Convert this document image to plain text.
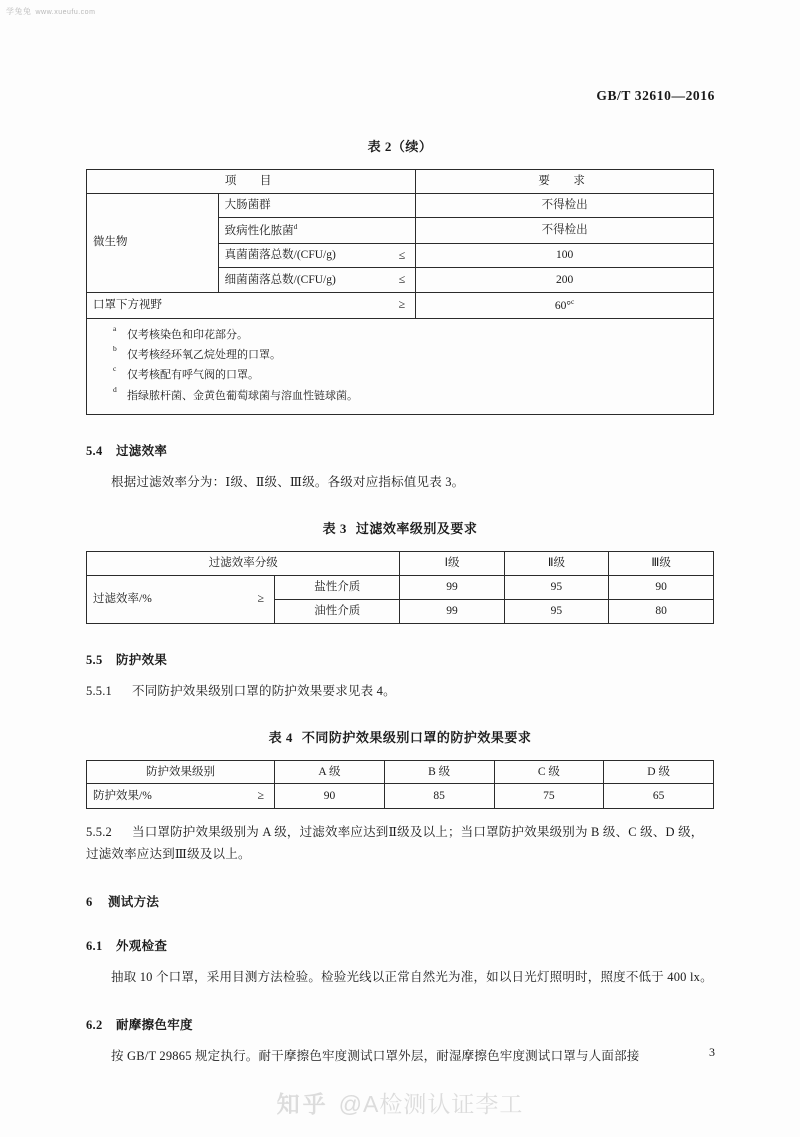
学兔兔 www.xueufu.com
GB/T 32610—2016
表 2（续）
项　目		要　求
微生物	大肠菌群	不得检出

	致病性化脓菌$^d$	不得检出

	真菌菌落总数/(CFU/g) ≤	100

	细菌菌落总数/(CFU/g) ≤	200

口罩下方视野 ≥		60°$^c$

a
仅考核染色和印花部分。
b
仅考核经环氧乙烷处理的口罩。
c
仅考核配有呼气阀的口罩。
d
指绿脓杆菌、金黄色葡萄球菌与溶血性链球菌。
5.4 过滤效率

根据过滤效率分为：Ⅰ级、Ⅱ级、Ⅲ级。各级对应指标值见表 3。

表 3 过滤效率级别及要求
过滤效率分级		Ⅰ级	Ⅱ级	Ⅲ级

过滤效率/% ≥	盐性介质	99	95	90
	油性介质	99	95	80
5.5 防护效果

5.5.1 不同防护效果级别口罩的防护效果要求见表 4。

表 4 不同防护效果级别口罩的防护效果要求
防护效果级别	A 级	B 级	C 级	D 级

防护效果/% ≥	90	85	75	65

5.5.2 当口罩防护效果级别为 A 级，过滤效率应达到Ⅱ级及以上；当口罩防护效果级别为 B 级、C 级、D 级，过滤效率应达到Ⅲ级及以上。

6 测试方法
6.1 外观检查

抽取 10 个口罩，采用目测方法检验。检验光线以正常自然光为准，如以日光灯照明时，照度不低于 400 lx。

6.2 耐摩擦色牢度

按 GB/T 29865 规定执行。耐干摩擦色牢度测试口罩外层，耐湿摩擦色牢度测试口罩与人面部接	3
知乎 @A检测认证李工
